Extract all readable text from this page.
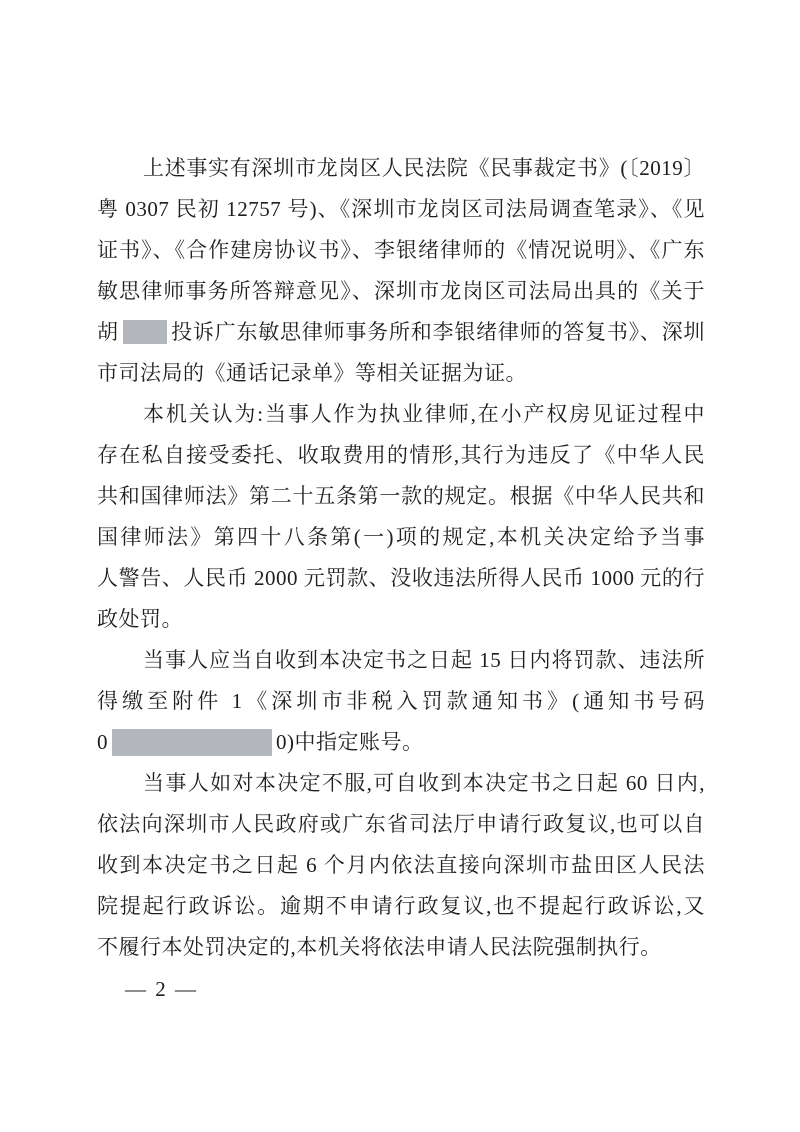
上述事实有深圳市龙岗区人民法院《民事裁定书》(〔2019〕
粤 0307 民初 12757 号)、《深圳市龙岗区司法局调查笔录》、《见
证书》、《合作建房协议书》、李银绪律师的《情况说明》、《广东
敏思律师事务所答辩意见》、深圳市龙岗区司法局出具的《关于
胡 投诉广东敏思律师事务所和李银绪律师的答复书》、深圳
市司法局的《通话记录单》等相关证据为证。
本机关认为:当事人作为执业律师,在小产权房见证过程中
存在私自接受委托、收取费用的情形,其行为违反了《中华人民
共和国律师法》第二十五条第一款的规定。根据《中华人民共和
国律师法》第四十八条第(一)项的规定,本机关决定给予当事
人警告、人民币 2000 元罚款、没收违法所得人民币 1000 元的行
政处罚。
当事人应当自收到本决定书之日起 15 日内将罚款、违法所
得缴至附件 1《深圳市非税入罚款通知书》(通知书号码
0	0)中指定账号。
当事人如对本决定不服,可自收到本决定书之日起 60 日内,
依法向深圳市人民政府或广东省司法厅申请行政复议,也可以自
收到本决定书之日起 6 个月内依法直接向深圳市盐田区人民法
院提起行政诉讼。逾期不申请行政复议,也不提起行政诉讼,又
不履行本处罚决定的,本机关将依法申请人民法院强制执行。
— 2 —
